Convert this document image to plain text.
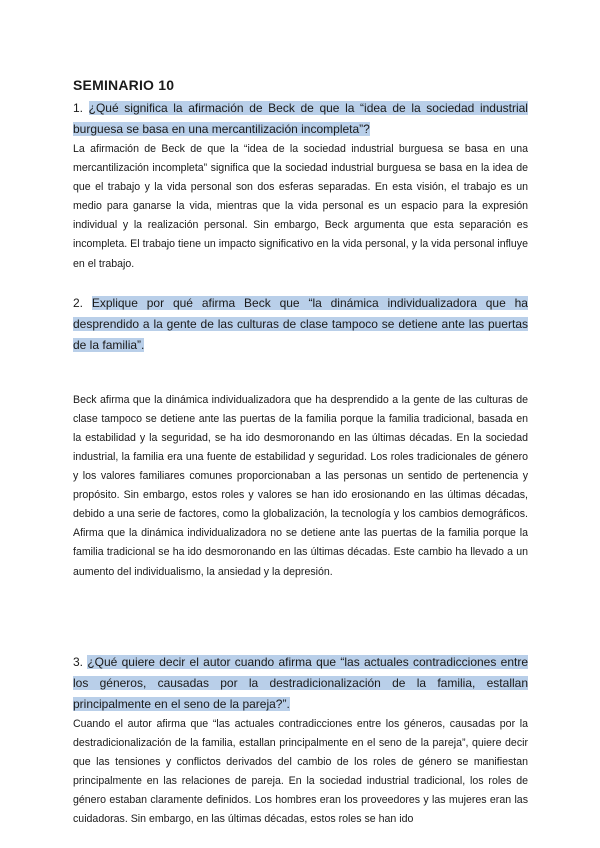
SEMINARIO 10

1. ¿Qué significa la afirmación de Beck de que la “idea de la sociedad industrial burguesa se basa en una mercantilización incompleta”?

La afirmación de Beck de que la “idea de la sociedad industrial burguesa se basa en una mercantilización incompleta” significa que la sociedad industrial burguesa se basa en la idea de que el trabajo y la vida personal son dos esferas separadas. En esta visión, el trabajo es un medio para ganarse la vida, mientras que la vida personal es un espacio para la expresión individual y la realización personal. Sin embargo, Beck argumenta que esta separación es incompleta. El trabajo tiene un impacto significativo en la vida personal, y la vida personal influye en el trabajo.

2. Explique por qué afirma Beck que “la dinámica individualizadora que ha desprendido a la gente de las culturas de clase tampoco se detiene ante las puertas de la familia”.

Beck afirma que la dinámica individualizadora que ha desprendido a la gente de las culturas de clase tampoco se detiene ante las puertas de la familia porque la familia tradicional, basada en la estabilidad y la seguridad, se ha ido desmoronando en las últimas décadas. En la sociedad industrial, la familia era una fuente de estabilidad y seguridad. Los roles tradicionales de género y los valores familiares comunes proporcionaban a las personas un sentido de pertenencia y propósito. Sin embargo, estos roles y valores se han ido erosionando en las últimas décadas, debido a una serie de factores, como la globalización, la tecnología y los cambios demográficos. Afirma que la dinámica individualizadora no se detiene ante las puertas de la familia porque la familia tradicional se ha ido desmoronando en las últimas décadas. Este cambio ha llevado a un aumento del individualismo, la ansiedad y la depresión.

3. ¿Qué quiere decir el autor cuando afirma que “las actuales contradicciones entre los géneros, causadas por la destradicionalización de la familia, estallan principalmente en el seno de la pareja?”.

Cuando el autor afirma que “las actuales contradicciones entre los géneros, causadas por la destradicionalización de la familia, estallan principalmente en el seno de la pareja”, quiere decir que las tensiones y conflictos derivados del cambio de los roles de género se manifiestan principalmente en las relaciones de pareja. En la sociedad industrial tradicional, los roles de género estaban claramente definidos. Los hombres eran los proveedores y las mujeres eran las cuidadoras. Sin embargo, en las últimas décadas, estos roles se han ido
